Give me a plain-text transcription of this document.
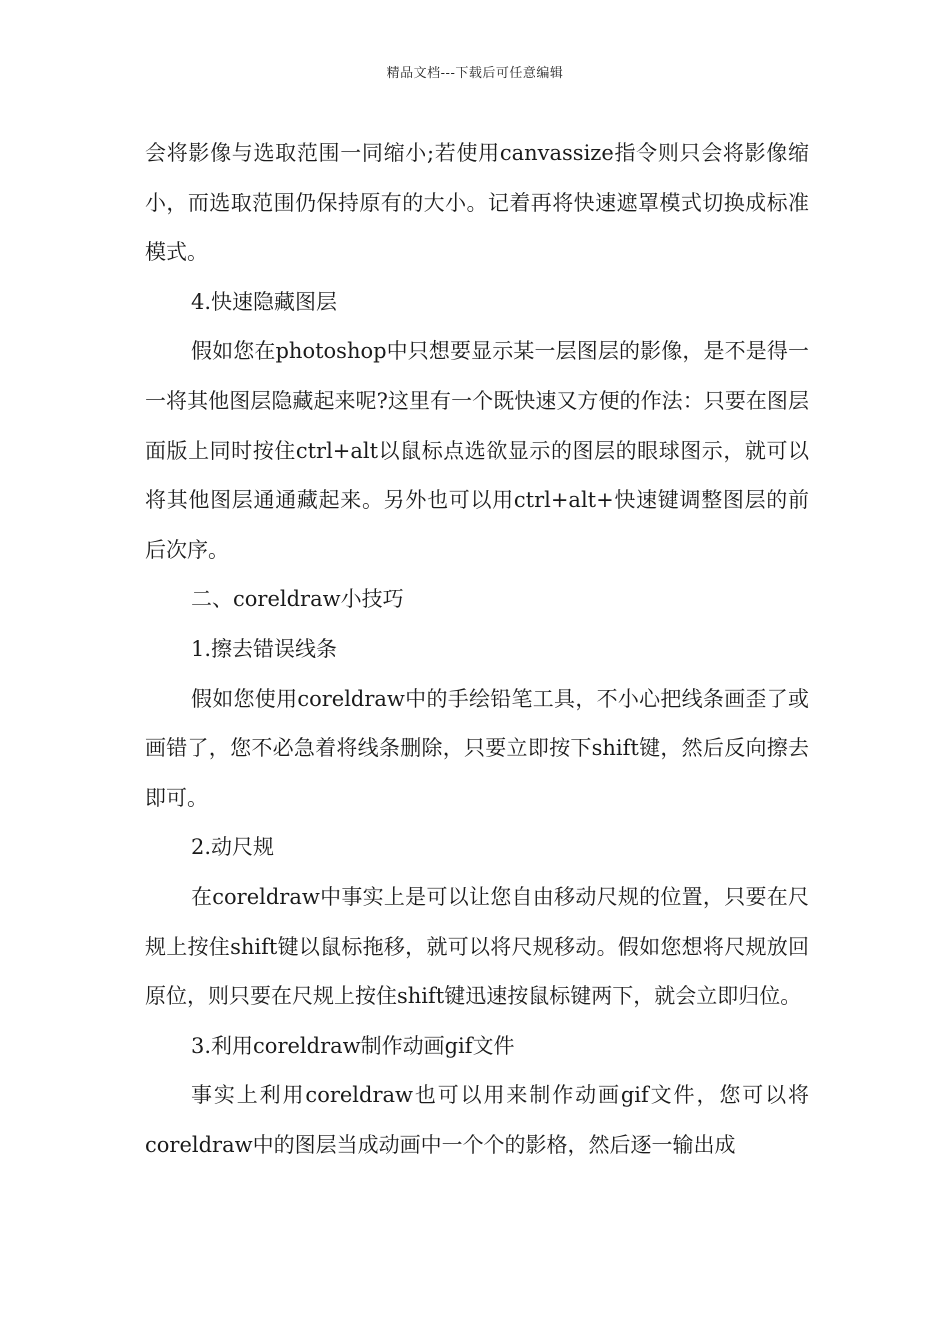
精品文档---下载后可任意编辑

会将影像与选取范围一同缩小;若使用canvassize指令则只会将影像缩小，而选取范围仍保持原有的大小。记着再将快速遮罩模式切换成标准模式。

4.快速隐藏图层

假如您在photoshop中只想要显示某一层图层的影像，是不是得一一将其他图层隐藏起来呢?这里有一个既快速又方便的作法：只要在图层面版上同时按住ctrl+alt以鼠标点选欲显示的图层的眼球图示，就可以将其他图层通通藏起来。另外也可以用ctrl+alt+快速键调整图层的前后次序。

二、coreldraw小技巧

1.擦去错误线条

假如您使用coreldraw中的手绘铅笔工具，不小心把线条画歪了或画错了，您不必急着将线条删除，只要立即按下shift键，然后反向擦去即可。

2.动尺规

在coreldraw中事实上是可以让您自由移动尺规的位置，只要在尺规上按住shift键以鼠标拖移，就可以将尺规移动。假如您想将尺规放回原位，则只要在尺规上按住shift键迅速按鼠标键两下，就会立即归位。

3.利用coreldraw制作动画gif文件

事实上利用coreldraw也可以用来制作动画gif文件，您可以将coreldraw中的图层当成动画中一个个的影格，然后逐一输出成
